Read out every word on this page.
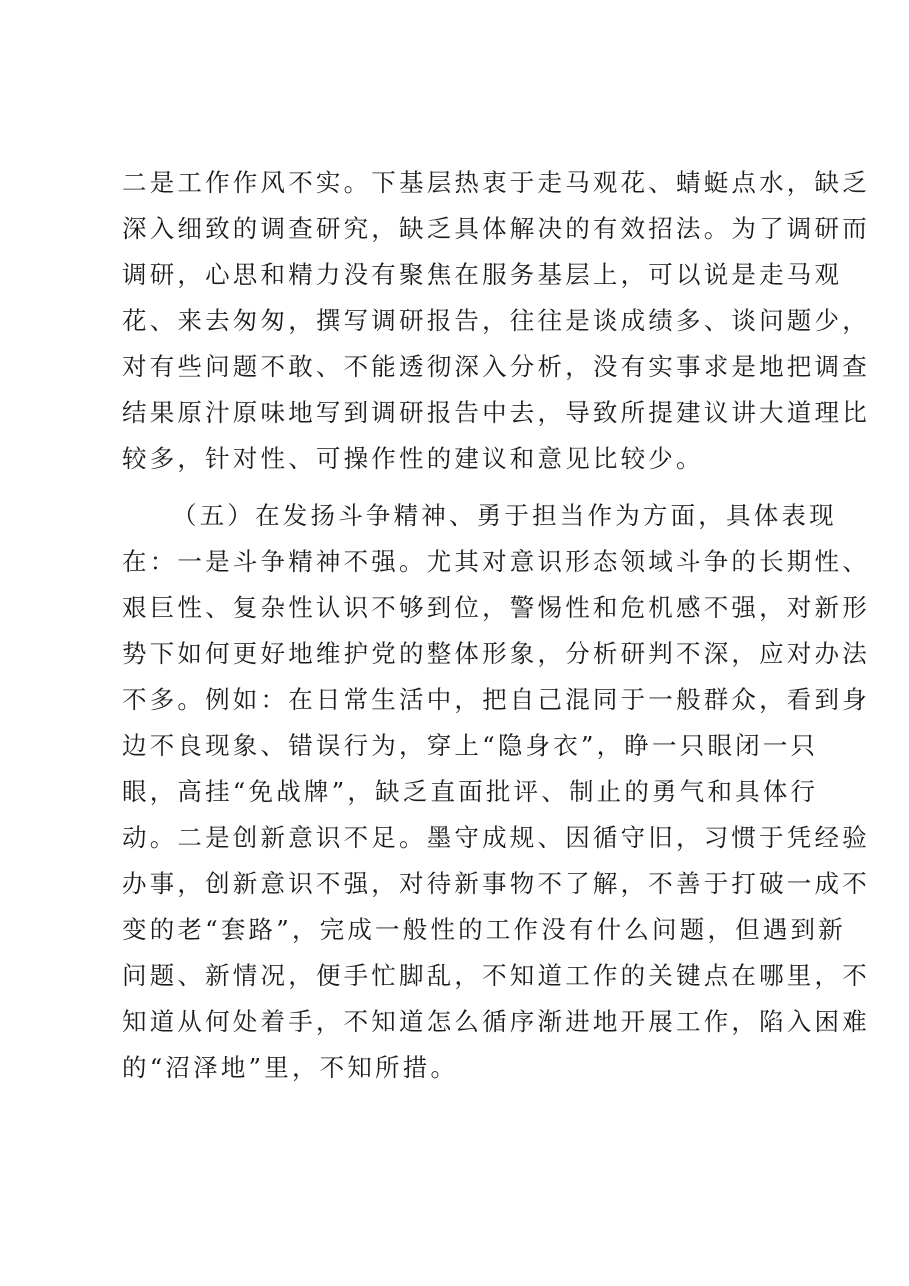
二是工作作风不实。下基层热衷于走马观花、蜻蜓点水，缺乏
深入细致的调查研究，缺乏具体解决的有效招法。为了调研而
调研，心思和精力没有聚焦在服务基层上，可以说是走马观
花、来去匆匆，撰写调研报告，往往是谈成绩多、谈问题少，
对有些问题不敢、不能透彻深入分析，没有实事求是地把调查
结果原汁原味地写到调研报告中去，导致所提建议讲大道理比
较多，针对性、可操作性的建议和意见比较少。
（五）在发扬斗争精神、勇于担当作为方面，具体表现
在：一是斗争精神不强。尤其对意识形态领域斗争的长期性、
艰巨性、复杂性认识不够到位，警惕性和危机感不强，对新形
势下如何更好地维护党的整体形象，分析研判不深，应对办法
不多。例如：在日常生活中，把自己混同于一般群众，看到身
边不良现象、错误行为，穿上“隐身衣”，睁一只眼闭一只
眼，高挂“免战牌”，缺乏直面批评、制止的勇气和具体行
动。二是创新意识不足。墨守成规、因循守旧，习惯于凭经验
办事，创新意识不强，对待新事物不了解，不善于打破一成不
变的老“套路”，完成一般性的工作没有什么问题，但遇到新
问题、新情况，便手忙脚乱，不知道工作的关键点在哪里，不
知道从何处着手，不知道怎么循序渐进地开展工作，陷入困难
的“沼泽地”里，不知所措。
